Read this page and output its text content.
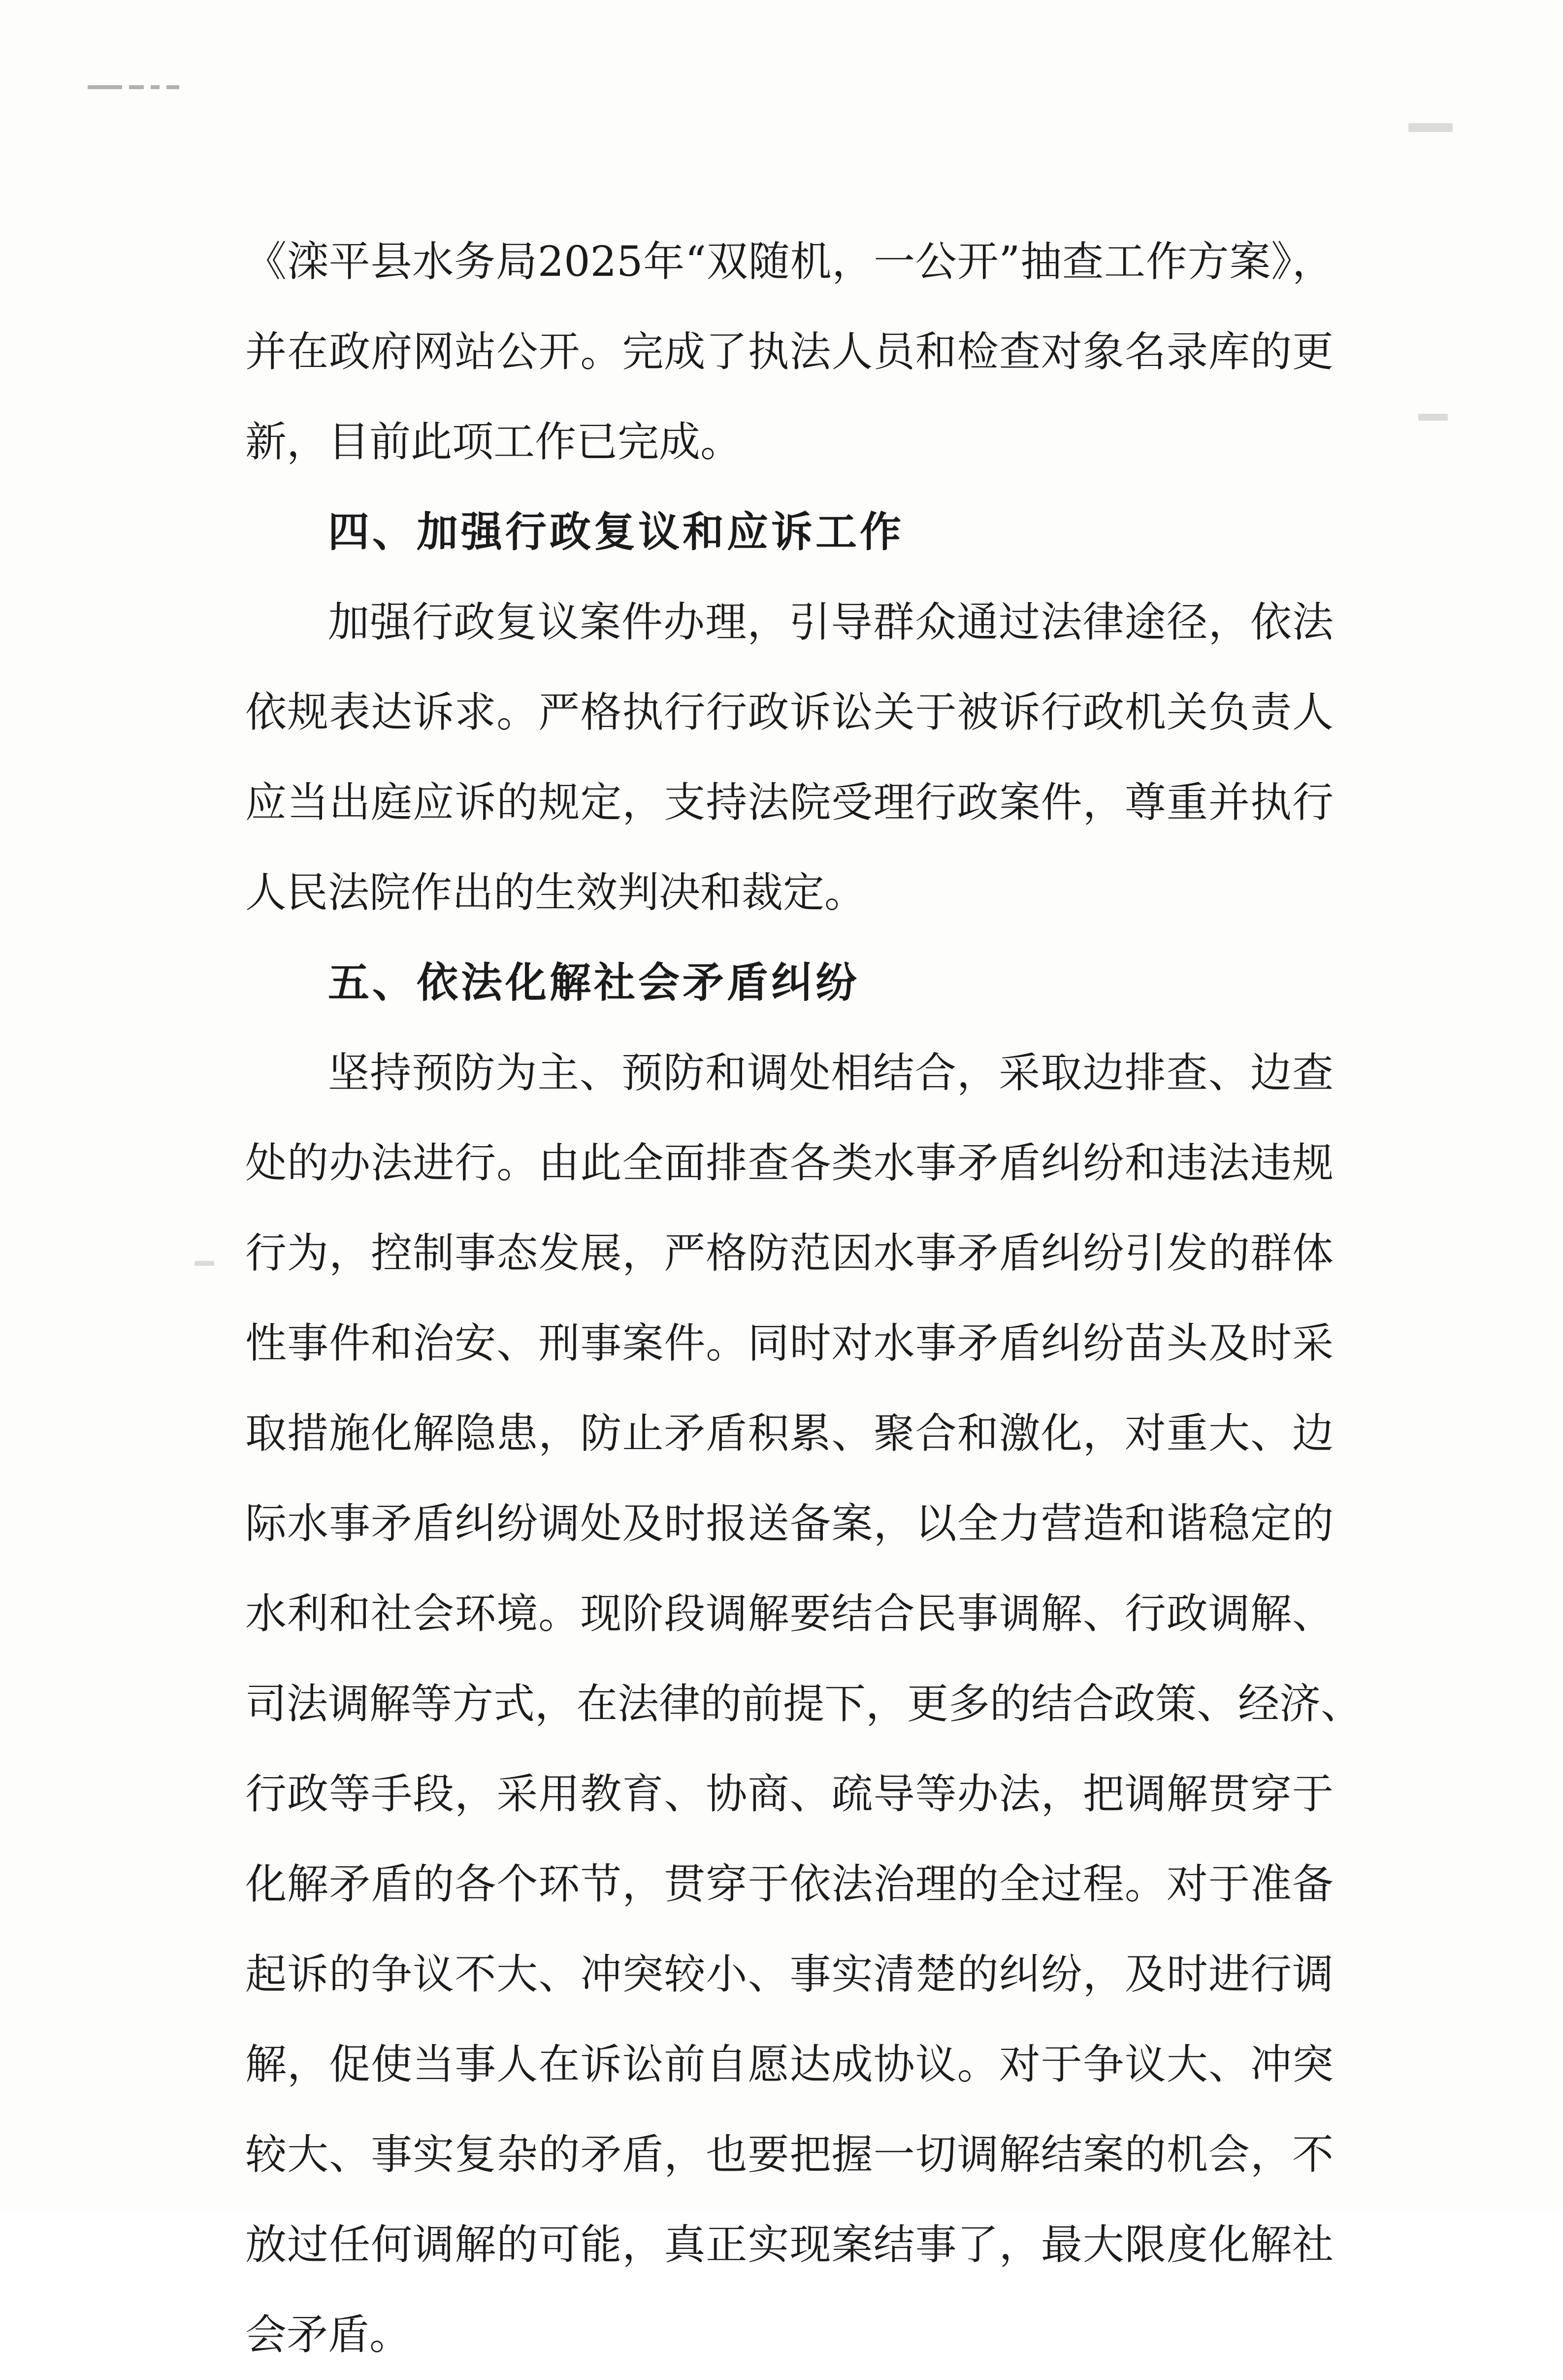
《滦平县水务局2025年“双随机，一公开”抽查工作方案》，
并在政府网站公开。完成了执法人员和检查对象名录库的更
新，目前此项工作已完成。
四、加强行政复议和应诉工作
加强行政复议案件办理，引导群众通过法律途径，依法
依规表达诉求。严格执行行政诉讼关于被诉行政机关负责人
应当出庭应诉的规定，支持法院受理行政案件，尊重并执行
人民法院作出的生效判决和裁定。
五、依法化解社会矛盾纠纷
坚持预防为主、预防和调处相结合，采取边排查、边查
处的办法进行。由此全面排查各类水事矛盾纠纷和违法违规
行为，控制事态发展，严格防范因水事矛盾纠纷引发的群体
性事件和治安、刑事案件。同时对水事矛盾纠纷苗头及时采
取措施化解隐患，防止矛盾积累、聚合和激化，对重大、边
际水事矛盾纠纷调处及时报送备案，以全力营造和谐稳定的
水利和社会环境。现阶段调解要结合民事调解、行政调解、
司法调解等方式，在法律的前提下，更多的结合政策、经济、
行政等手段，采用教育、协商、疏导等办法，把调解贯穿于
化解矛盾的各个环节，贯穿于依法治理的全过程。对于准备
起诉的争议不大、冲突较小、事实清楚的纠纷，及时进行调
解，促使当事人在诉讼前自愿达成协议。对于争议大、冲突
较大、事实复杂的矛盾，也要把握一切调解结案的机会，不
放过任何调解的可能，真正实现案结事了，最大限度化解社
会矛盾。
